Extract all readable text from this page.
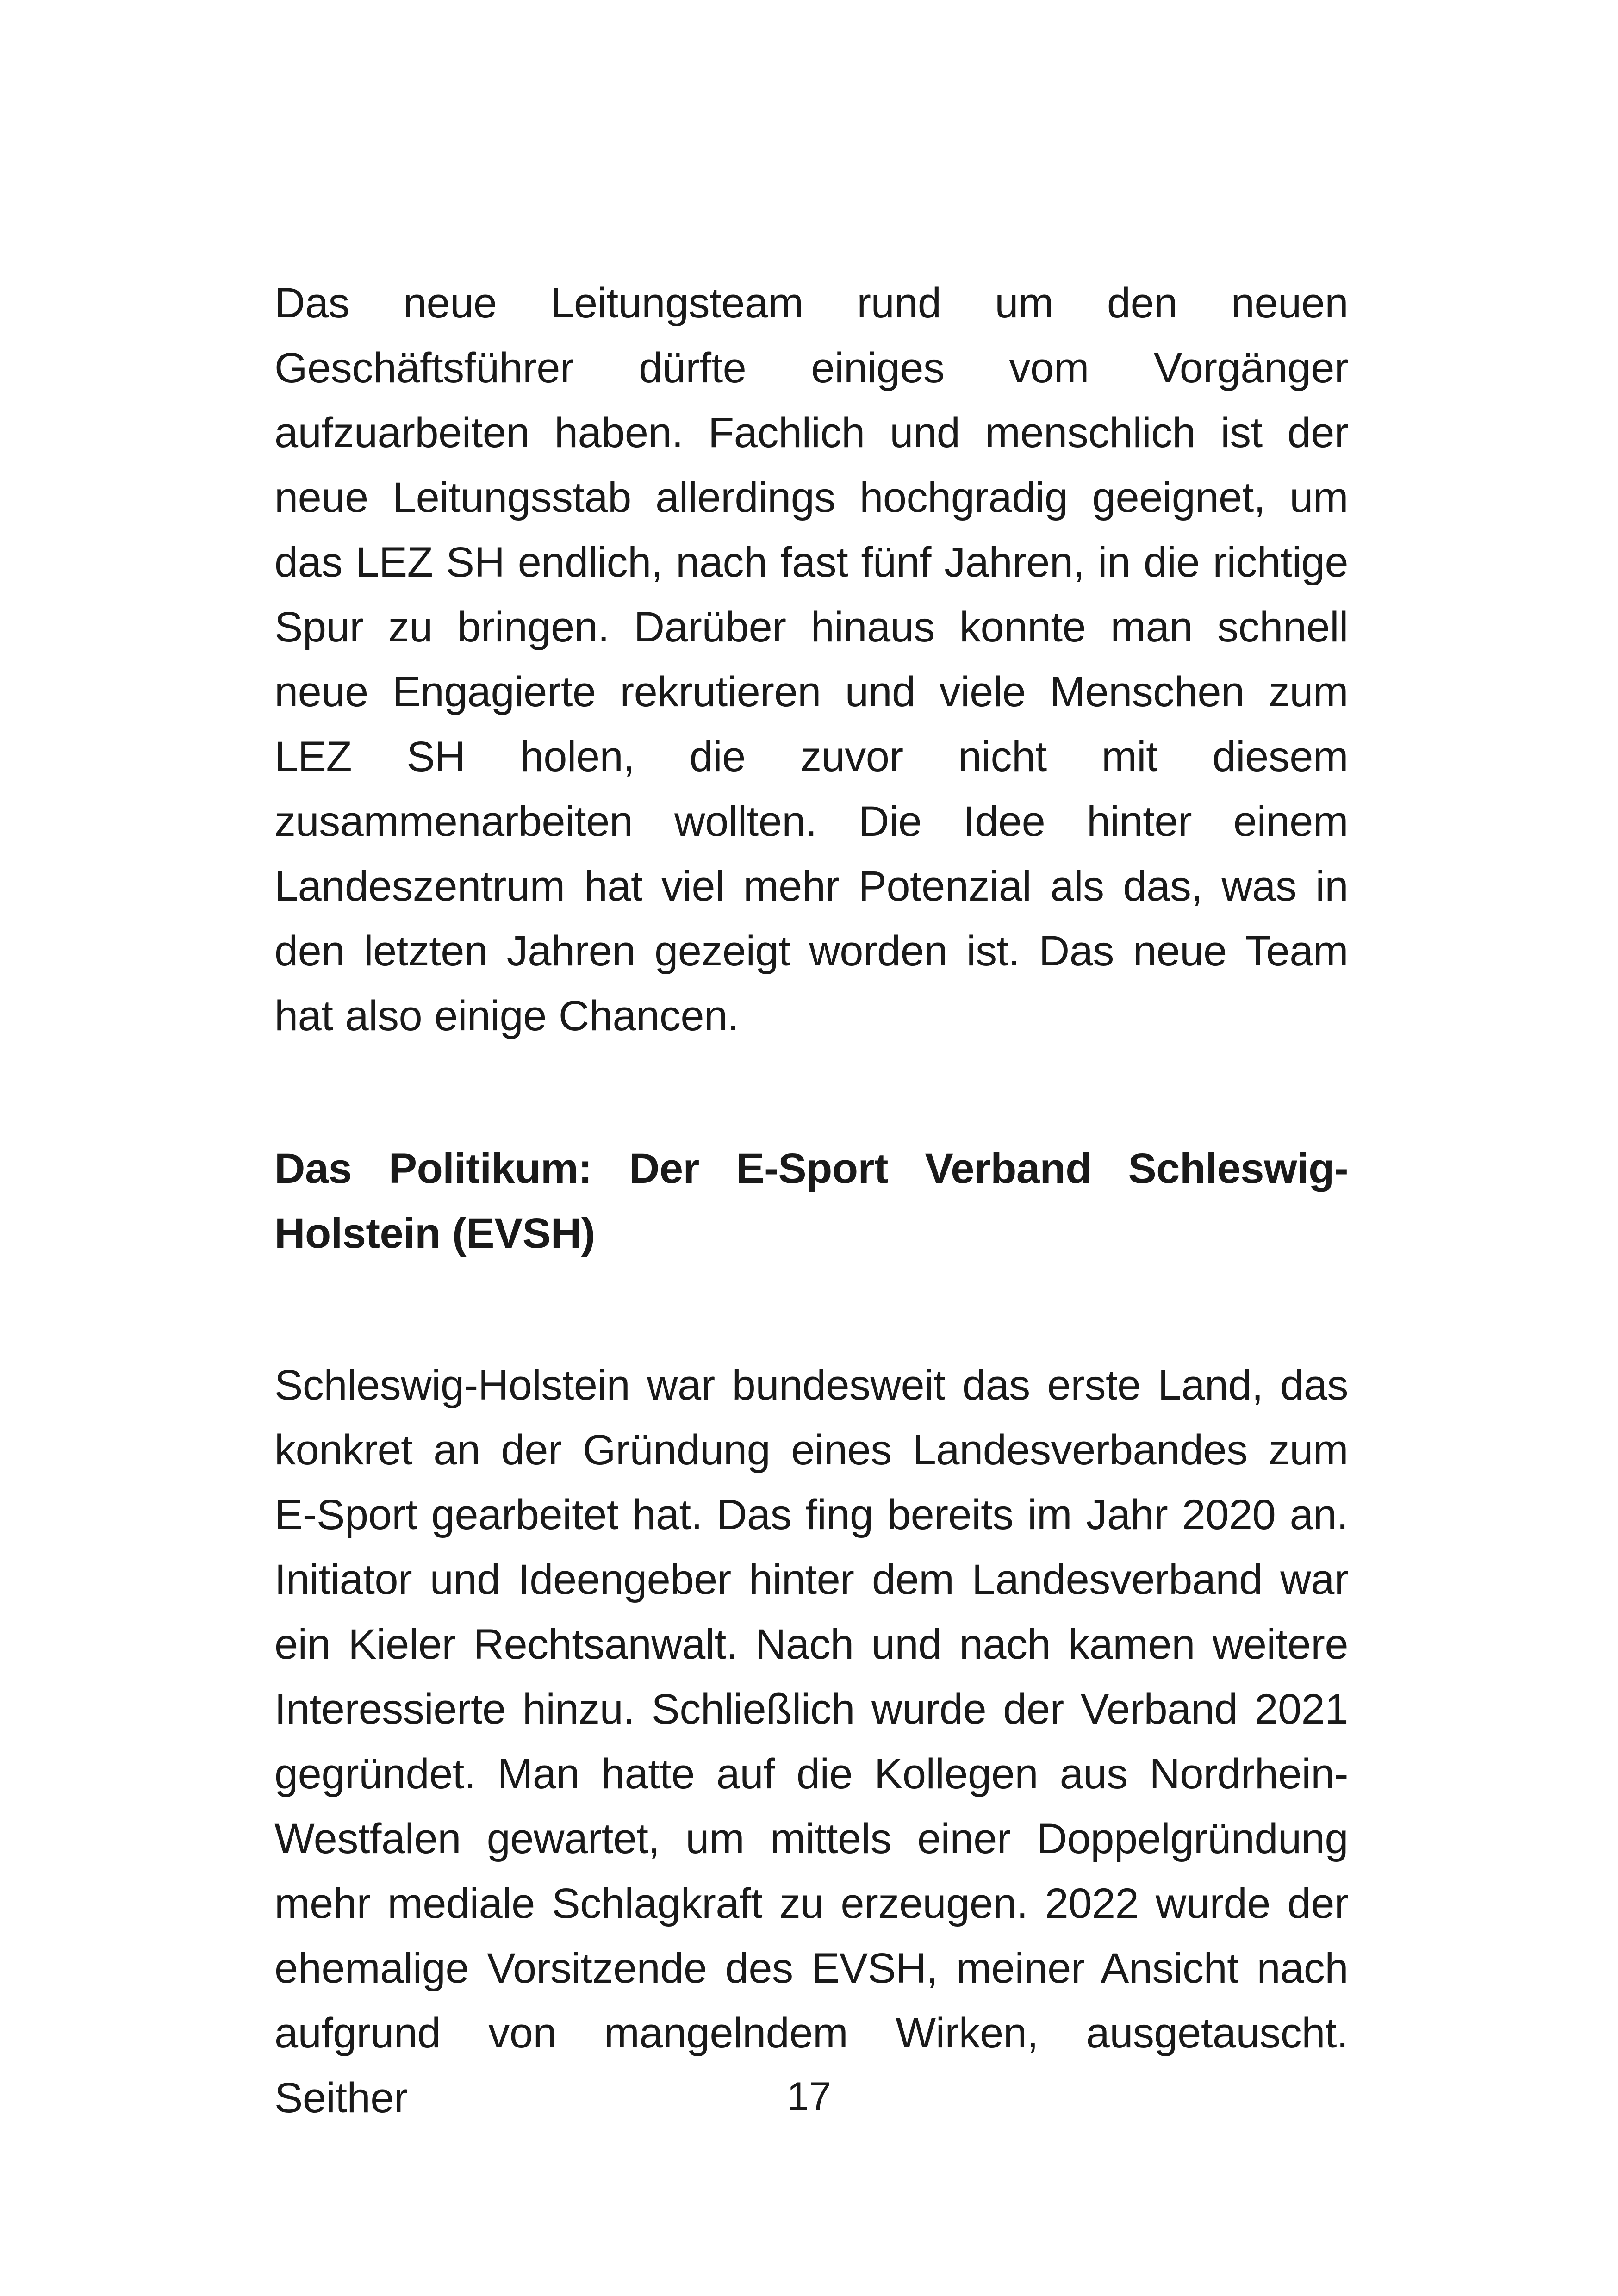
Das neue Leitungsteam rund um den neuen Geschäftsführer dürfte einiges vom Vorgänger aufzuarbeiten haben. Fachlich und menschlich ist der neue Leitungsstab allerdings hochgradig geeignet, um das LEZ SH endlich, nach fast fünf Jahren, in die richtige Spur zu bringen. Darüber hinaus konnte man schnell neue Engagierte rekrutieren und viele Menschen zum LEZ SH holen, die zuvor nicht mit diesem zusammenarbeiten wollten. Die Idee hinter einem Landeszentrum hat viel mehr Potenzial als das, was in den letzten Jahren gezeigt worden ist. Das neue Team hat also einige Chancen.

Das Politikum: Der E-Sport Verband Schleswig-Holstein (EVSH)

Schleswig-Holstein war bundesweit das erste Land, das konkret an der Gründung eines Landesverbandes zum E-Sport gearbeitet hat. Das fing bereits im Jahr 2020 an. Initiator und Ideengeber hinter dem Landesverband war ein Kieler Rechtsanwalt. Nach und nach kamen weitere Interessierte hinzu. Schließlich wurde der Verband 2021 gegründet. Man hatte auf die Kollegen aus Nordrhein-Westfalen gewartet, um mittels einer Doppelgründung mehr mediale Schlagkraft zu erzeugen. 2022 wurde der ehemalige Vorsitzende des EVSH, meiner Ansicht nach aufgrund von mangelndem Wirken, ausgetauscht. Seither	17
